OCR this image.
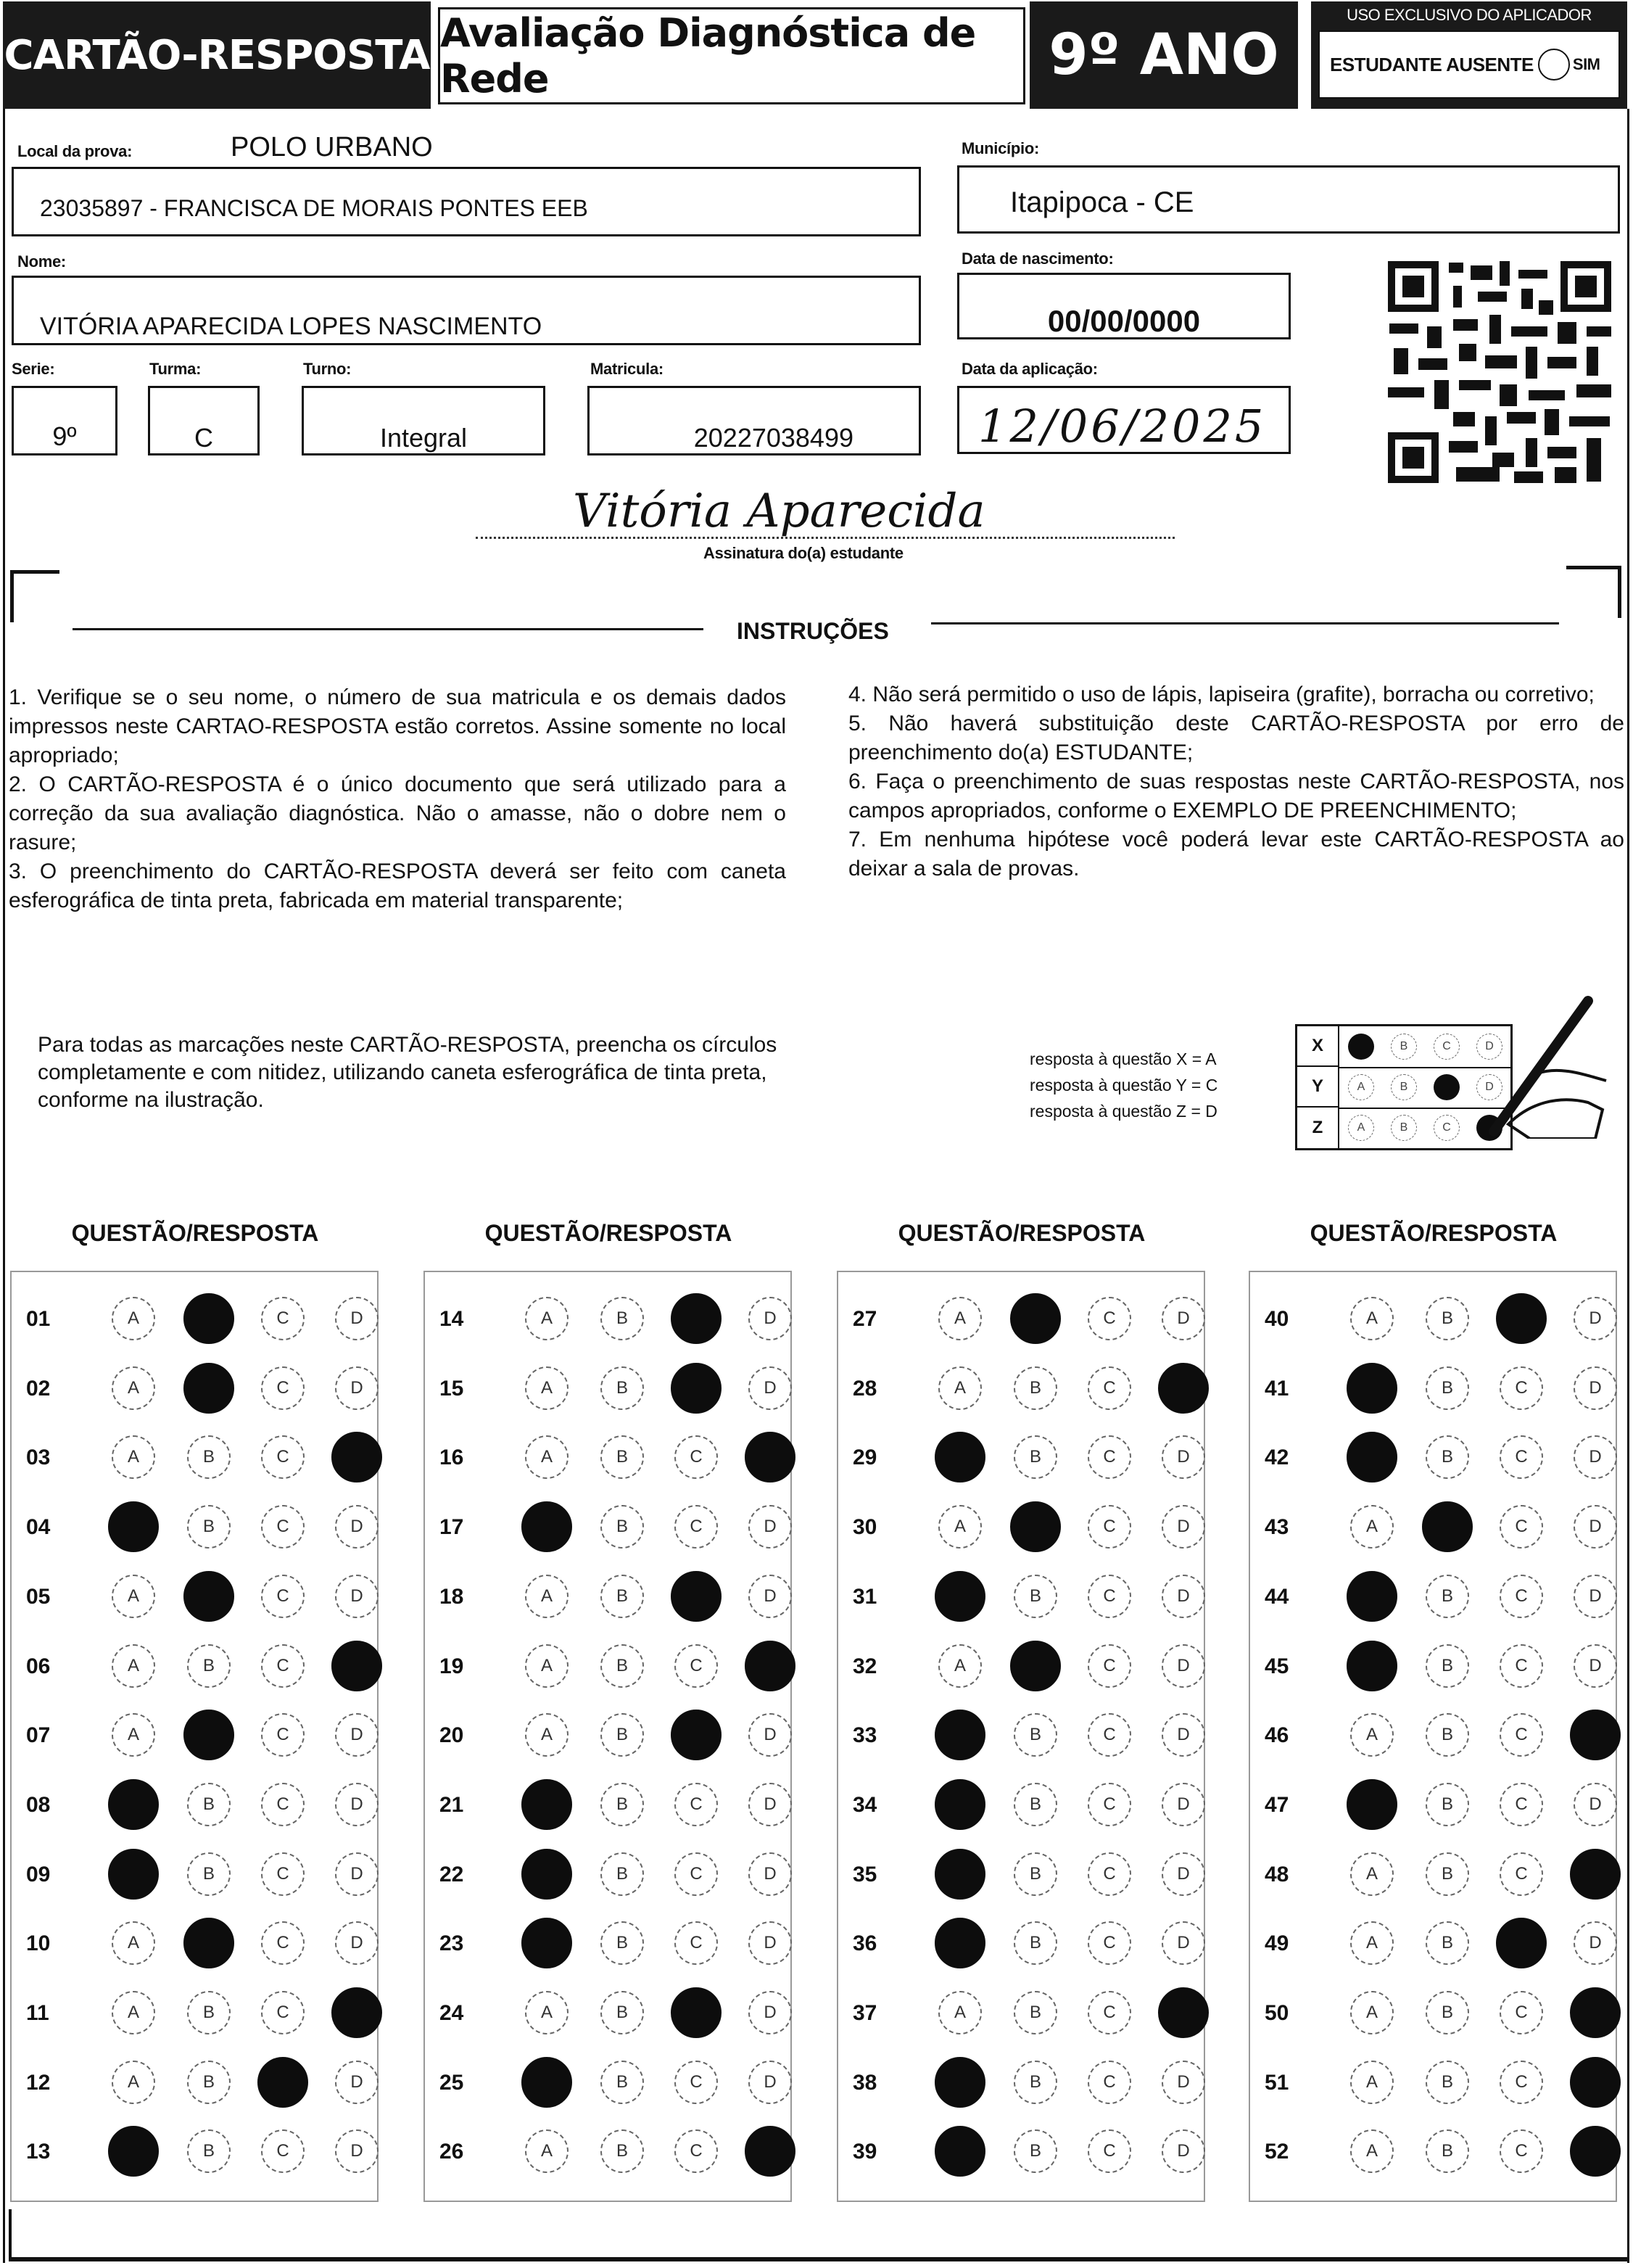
CARTÃO-RESPOSTA Avaliação Diagnóstica de Rede	9º ANO
USO EXCLUSIVO DO APLICADOR
ESTUDANTE AUSENTE SIM
Local da prova:	POLO URBANO
23035897 - FRANCISCA DE MORAIS PONTES EEB
Município:
Itapipoca - CE
Nome:
VITÓRIA APARECIDA LOPES NASCIMENTO
Data de nascimento:
00/00/0000
Serie:
9º
Turma:
C
Turno:
Integral
Matricula:
20227038499
Data da aplicação:
12/06/2025
Vitória Aparecida
Assinatura do(a) estudante
INSTRUÇÕES

1. Verifique se o seu nome, o número de sua matricula e os demais dados impressos neste CARTAO-RESPOSTA estão corretos. Assine somente no local apropriado;

2. O CARTÃO-RESPOSTA é o único documento que será utilizado para a correção da sua avaliação diagnóstica. Não o amasse, não o dobre nem o rasure;

3. O preenchimento do CARTÃO-RESPOSTA deverá ser feito com caneta esferográfica de tinta preta, fabricada em material transparente;

4. Não será permitido o uso de lápis, lapiseira (grafite), borracha ou corretivo;

5. Não haverá substituição deste CARTÃO-RESPOSTA por erro de preenchimento do(a) ESTUDANTE;

6. Faça o preenchimento de suas respostas neste CARTÃO-RESPOSTA, nos campos apropriados, conforme o EXEMPLO DE PREENCHIMENTO;

7. Em nenhuma hipótese você poderá levar este CARTÃO-RESPOSTA ao deixar a sala de provas.

Para todas as marcações neste CARTÃO-RESPOSTA, preencha os círculos completamente e com nitidez, utilizando caneta esferográfica de tinta preta, conforme na ilustração.
resposta à questão X = A
resposta à questão Y = C
resposta à questão Z = D
X	B	C	D
Y	A	B	D
Z	A	B	C
QUESTÃO/RESPOSTA
01	A	C	D
02	A	C	D
03	A	B	C
04	B	C	D
05	A	C	D
06	A	B	C
07	A	C	D
08	B	C	D
09	B	C	D
10	A	C	D
11	A	B	C
12	A	B	D
13	B	C	D
QUESTÃO/RESPOSTA
14	A	B	D
15	A	B	D
16	A	B	C
17	B	C	D
18	A	B	D
19	A	B	C
20	A	B	D
21	B	C	D
22	B	C	D
23	B	C	D
24	A	B	D
25	B	C	D
26	A	B	C
QUESTÃO/RESPOSTA
27	A	C	D
28	A	B	C
29	B	C	D
30	A	C	D
31	B	C	D
32	A	C	D
33	B	C	D
34	B	C	D
35	B	C	D
36	B	C	D
37	A	B	C
38	B	C	D
39	B	C	D
QUESTÃO/RESPOSTA
40	A	B	D
41	B	C	D
42	B	C	D
43	A	C	D
44	B	C	D
45	B	C	D
46	A	B	C
47	B	C	D
48	A	B	C
49	A	B	D
50	A	B	C
51	A	B	C
52	A	B	C
